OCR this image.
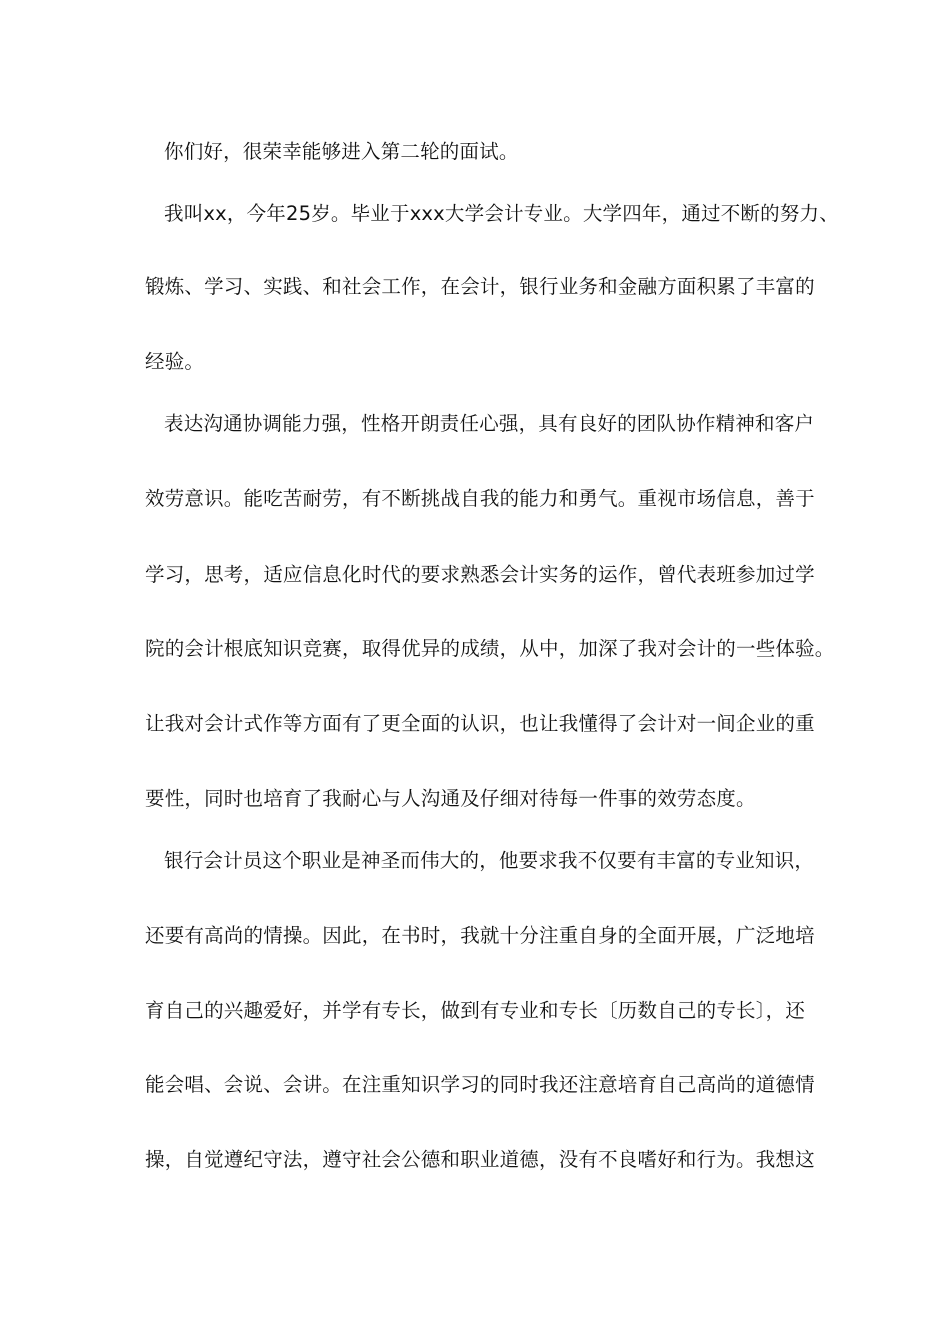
你们好，很荣幸能够进入第二轮的面试。
我叫xx，今年25岁。毕业于xxx大学会计专业。大学四年，通过不断的努力、
锻炼、学习、实践、和社会工作，在会计，银行业务和金融方面积累了丰富的
经验。
表达沟通协调能力强，性格开朗责任心强，具有良好的团队协作精神和客户
效劳意识。能吃苦耐劳，有不断挑战自我的能力和勇气。重视市场信息，善于
学习，思考，适应信息化时代的要求熟悉会计实务的运作，曾代表班参加过学
院的会计根底知识竞赛，取得优异的成绩，从中，加深了我对会计的一些体验。
让我对会计式作等方面有了更全面的认识，也让我懂得了会计对一间企业的重
要性，同时也培育了我耐心与人沟通及仔细对待每一件事的效劳态度。
银行会计员这个职业是神圣而伟大的，他要求我不仅要有丰富的专业知识，
还要有高尚的情操。因此，在书时，我就十分注重自身的全面开展，广泛地培
育自己的兴趣爱好，并学有专长，做到有专业和专长〔历数自己的专长〕，还
能会唱、会说、会讲。在注重知识学习的同时我还注意培育自己高尚的道德情
操，自觉遵纪守法，遵守社会公德和职业道德，没有不良嗜好和行为。我想这
